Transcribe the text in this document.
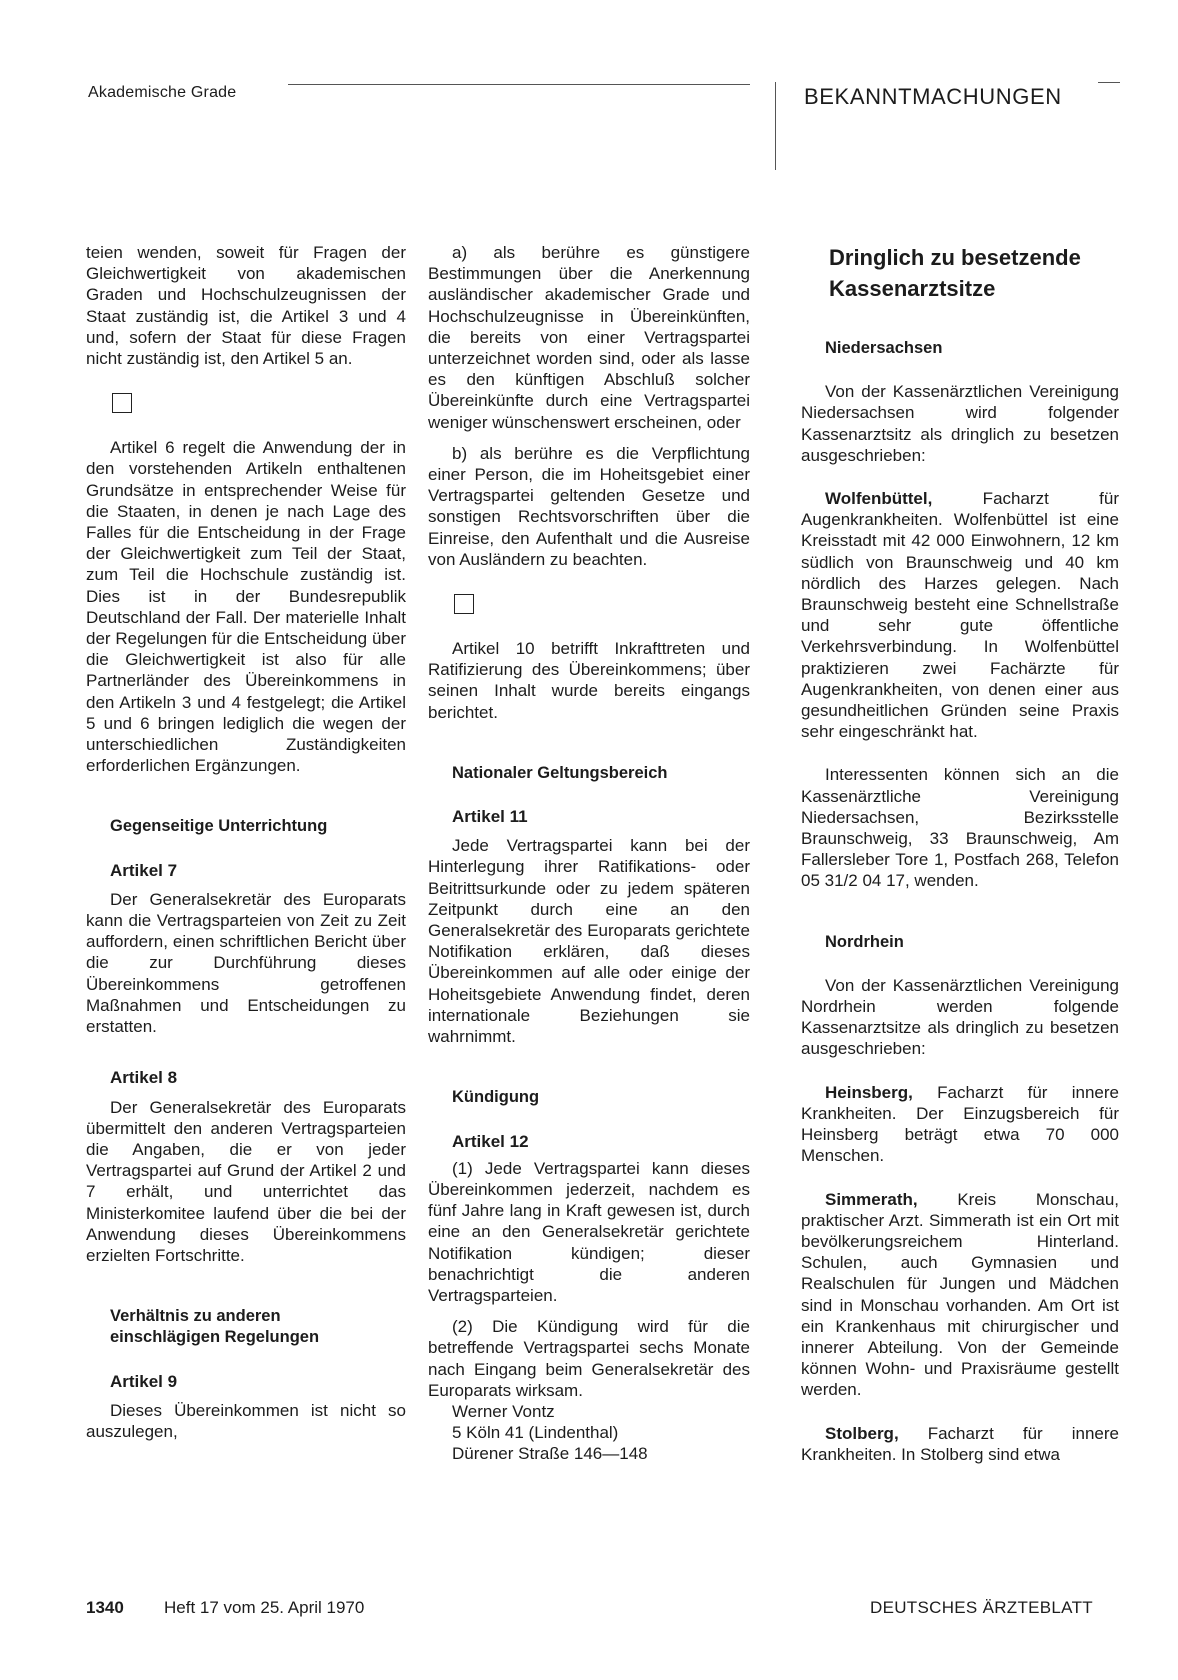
Akademische Grade	BEKANNTMACHUNGEN

teien wenden, soweit für Fragen der Gleichwertigkeit von akademischen Graden und Hochschulzeugnissen der Staat zuständig ist, die Artikel 3 und 4 und, sofern der Staat für diese Fragen nicht zuständig ist, den Artikel 5 an.

Artikel 6 regelt die Anwendung der in den vorstehenden Artikeln enthaltenen Grundsätze in entsprechender Weise für die Staaten, in denen je nach Lage des Falles für die Entscheidung in der Frage der Gleichwertigkeit zum Teil der Staat, zum Teil die Hochschule zuständig ist. Dies ist in der Bundesrepublik Deutschland der Fall. Der materielle Inhalt der Regelungen für die Entscheidung über die Gleichwertigkeit ist also für alle Partnerländer des Übereinkommens in den Artikeln 3 und 4 festgelegt; die Artikel 5 und 6 bringen lediglich die wegen der unterschiedlichen Zuständigkeiten erforderlichen Ergänzungen.

Gegenseitige Unterrichtung
Artikel 7

Der Generalsekretär des Europarats kann die Vertragsparteien von Zeit zu Zeit auffordern, einen schriftlichen Bericht über die zur Durchführung dieses Übereinkommens getroffenen Maßnahmen und Entscheidungen zu erstatten.

Artikel 8

Der Generalsekretär des Europarats übermittelt den anderen Vertragsparteien die Angaben, die er von jeder Vertragspartei auf Grund der Artikel 2 und 7 erhält, und unterrichtet das Ministerkomitee laufend über die bei der Anwendung dieses Übereinkommens erzielten Fortschritte.

Verhältnis zu anderen
einschlägigen Regelungen
Artikel 9

Dieses Übereinkommen ist nicht so auszulegen,

a) als berühre es günstigere Bestimmungen über die Anerkennung ausländischer akademischer Grade und Hochschulzeugnisse in Übereinkünften, die bereits von einer Vertragspartei unterzeichnet worden sind, oder als lasse es den künftigen Abschluß solcher Übereinkünfte durch eine Vertragspartei weniger wünschenswert erscheinen, oder

b) als berühre es die Verpflichtung einer Person, die im Hoheitsgebiet einer Vertragspartei geltenden Gesetze und sonstigen Rechtsvorschriften über die Einreise, den Aufenthalt und die Ausreise von Ausländern zu beachten.

Artikel 10 betrifft Inkrafttreten und Ratifizierung des Übereinkommens; über seinen Inhalt wurde bereits eingangs berichtet.

Nationaler Geltungsbereich
Artikel 11

Jede Vertragspartei kann bei der Hinterlegung ihrer Ratifikations- oder Beitrittsurkunde oder zu jedem späteren Zeitpunkt durch eine an den Generalsekretär des Europarats gerichtete Notifikation erklären, daß dieses Übereinkommen auf alle oder einige der Hoheitsgebiete Anwendung findet, deren internationale Beziehungen sie wahrnimmt.

Kündigung
Artikel 12

(1) Jede Vertragspartei kann dieses Übereinkommen jederzeit, nachdem es fünf Jahre lang in Kraft gewesen ist, durch eine an den Generalsekretär gerichtete Notifikation kündigen; dieser benachrichtigt die anderen Vertragsparteien.

(2) Die Kündigung wird für die betreffende Vertragspartei sechs Monate nach Eingang beim Generalsekretär des Europarats wirksam.

Werner Vontz

5 Köln 41 (Lindenthal)

Dürener Straße 146—148

Dringlich zu besetzende
Kassenarztsitze
Niedersachsen

Von der Kassenärztlichen Vereinigung Niedersachsen wird folgender Kassenarztsitz als dringlich zu besetzen ausgeschrieben:

Wolfenbüttel, Facharzt für Augenkrankheiten. Wolfenbüttel ist eine Kreisstadt mit 42 000 Einwohnern, 12 km südlich von Braunschweig und 40 km nördlich des Harzes gelegen. Nach Braunschweig besteht eine Schnellstraße und sehr gute öffentliche Verkehrsverbindung. In Wolfenbüttel praktizieren zwei Fachärzte für Augenkrankheiten, von denen einer aus gesundheitlichen Gründen seine Praxis sehr eingeschränkt hat.

Interessenten können sich an die Kassenärztliche Vereinigung Niedersachsen, Bezirksstelle Braunschweig, 33 Braunschweig, Am Fallersleber Tore 1, Postfach 268, Telefon 05 31/2 04 17, wenden.

Nordrhein

Von der Kassenärztlichen Vereinigung Nordrhein werden folgende Kassenarztsitze als dringlich zu besetzen ausgeschrieben:

Heinsberg, Facharzt für innere Krankheiten. Der Einzugsbereich für Heinsberg beträgt etwa 70 000 Menschen.

Simmerath, Kreis Monschau, praktischer Arzt. Simmerath ist ein Ort mit bevölkerungsreichem Hinterland. Schulen, auch Gymnasien und Realschulen für Jungen und Mädchen sind in Monschau vorhanden. Am Ort ist ein Krankenhaus mit chirurgischer und innerer Abteilung. Von der Gemeinde können Wohn- und Praxisräume gestellt werden.

Stolberg, Facharzt für innere Krankheiten. In Stolberg sind etwa

1340 Heft 17 vom 25. April 1970	DEUTSCHES ÄRZTEBLATT
